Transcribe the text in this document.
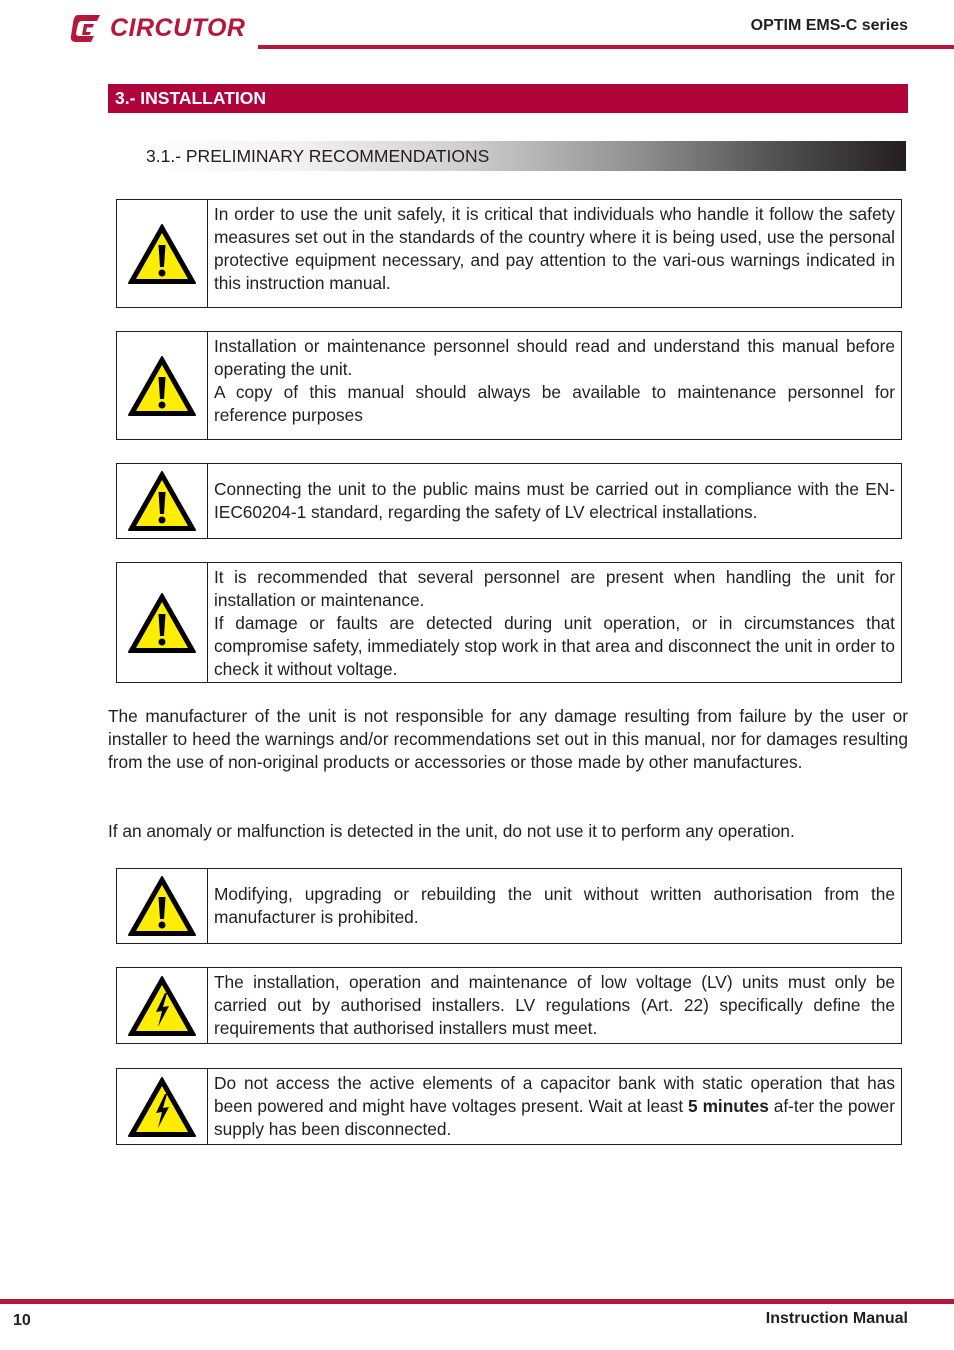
CIRCUTOR	OPTIM EMS-C series
3.- INSTALLATION
3.1.- PRELIMINARY RECOMMENDATIONS
In order to use the unit safely, it is critical that individuals who handle it follow the safety measures set out in the standards of the country where it is being used, use the personal protective equipment necessary, and pay attention to the vari-ous warnings indicated in this instruction manual.
Installation or maintenance personnel should read and understand this manual before operating the unit.
A copy of this manual should always be available to maintenance personnel for reference purposes
Connecting the unit to the public mains must be carried out in compliance with the EN-IEC60204-1 standard, regarding the safety of LV electrical installations.
It is recommended that several personnel are present when handling the unit for installation or maintenance.
If damage or faults are detected during unit operation, or in circumstances that compromise safety, immediately stop work in that area and disconnect the unit in order to check it without voltage.
The manufacturer of the unit is not responsible for any damage resulting from failure by the user or installer to heed the warnings and/or recommendations set out in this manual, nor for damages resulting from the use of non-original products or accessories or those made by other manufactures.
If an anomaly or malfunction is detected in the unit, do not use it to perform any operation.
Modifying, upgrading or rebuilding the unit without written authorisation from the manufacturer is prohibited.
The installation, operation and maintenance of low voltage (LV) units must only be carried out by authorised installers. LV regulations (Art. 22) specifically define the requirements that authorised installers must meet.
Do not access the active elements of a capacitor bank with static operation that has been powered and might have voltages present. Wait at least 5 minutes af-ter the power supply has been disconnected.
10	Instruction Manual
